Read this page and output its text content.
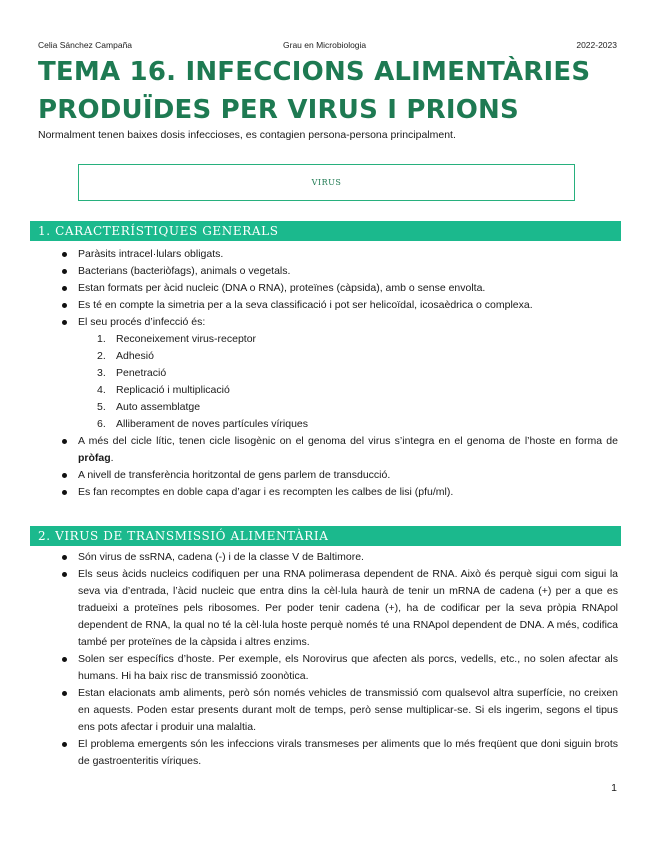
Celia Sánchez Campaña	Grau en Microbiologia	2022-2023
TEMA 16. INFECCIONS ALIMENTÀRIES
PRODUÏDES PER VIRUS I PRIONS
Normalment tenen baixes dosis infeccioses, es contagien persona-persona principalment.
VIRUS
1. CARACTERÍSTIQUES GENERALS
Paràsits intracel·lulars obligats.
Bacterians (bacteriòfags), animals o vegetals.
Estan formats per àcid nucleic (DNA o RNA), proteïnes (càpsida), amb o sense envolta.
Es té en compte la simetria per a la seva classificació i pot ser helicoïdal, icosaèdrica o complexa.
El seu procés d’infecció és:
1. Reconeixement virus-receptor
2. Adhesió
3. Penetració
4. Replicació i multiplicació
5. Auto assemblatge
6. Alliberament de noves partícules víriques
A més del cicle lític, tenen cicle lisogènic on el genoma del virus s’integra en el genoma de l’hoste en forma de pròfag.
A nivell de transferència horitzontal de gens parlem de transducció.
Es fan recomptes en doble capa d’agar i es recompten les calbes de lisi (pfu/ml).
2. VIRUS DE TRANSMISSIÓ ALIMENTÀRIA
Són virus de ssRNA, cadena (-) i de la classe V de Baltimore.
Els seus àcids nucleics codifiquen per una RNA polimerasa dependent de RNA. Això és perquè sigui com sigui la seva via d’entrada, l’àcid nucleic que entra dins la cèl·lula haurà de tenir un mRNA de cadena (+) per a que es tradueixi a proteïnes pels ribosomes. Per poder tenir cadena (+), ha de codificar per la seva pròpia RNApol dependent de RNA, la qual no té la cèl·lula hoste perquè només té una RNApol dependent de DNA. A més, codifica també per proteïnes de la càpsida i altres enzims.
Solen ser específics d’hoste. Per exemple, els Norovirus que afecten als porcs, vedells, etc., no solen afectar als humans. Hi ha baix risc de transmissió zoonòtica.
Estan elacionats amb aliments, però són només vehicles de transmissió com qualsevol altra superfície, no creixen en aquests. Poden estar presents durant molt de temps, però sense multiplicar-se. Si els ingerim, segons el tipus ens pots afectar i produir una malaltia.
El problema emergents són les infeccions virals transmeses per aliments que lo més freqüent que doni siguin brots de gastroenteritis víriques.
1
